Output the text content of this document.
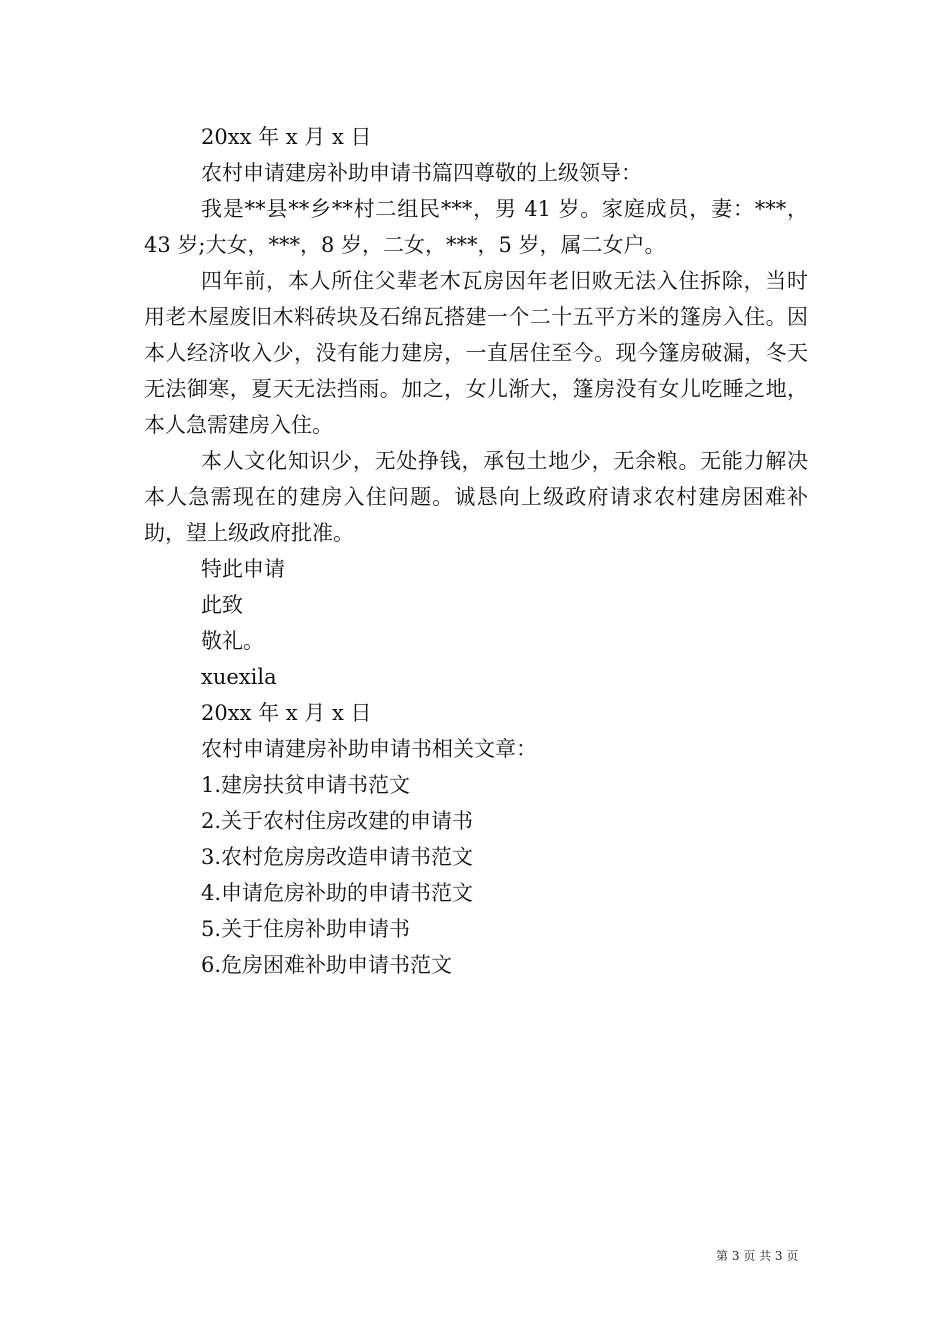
20xx 年 x 月 x 日
农村申请建房补助申请书篇四尊敬的上级领导：
我是**县**乡**村二组民***，男 41 岁。家庭成员，妻：***，43 岁;大女，***，8 岁，二女，***，5 岁，属二女户。
四年前，本人所住父辈老木瓦房因年老旧败无法入住拆除，当时用老木屋废旧木料砖块及石绵瓦搭建一个二十五平方米的篷房入住。因本人经济收入少，没有能力建房，一直居住至今。现今篷房破漏，冬天无法御寒，夏天无法挡雨。加之，女儿渐大，篷房没有女儿吃睡之地，本人急需建房入住。
本人文化知识少，无处挣钱，承包土地少，无余粮。无能力解决本人急需现在的建房入住问题。诚恳向上级政府请求农村建房困难补助，望上级政府批准。
特此申请
此致
敬礼。
xuexila
20xx 年 x 月 x 日
农村申请建房补助申请书相关文章：
1.建房扶贫申请书范文
2.关于农村住房改建的申请书
3.农村危房房改造申请书范文
4.申请危房补助的申请书范文
5.关于住房补助申请书
6.危房困难补助申请书范文
第 3 页 共 3 页
